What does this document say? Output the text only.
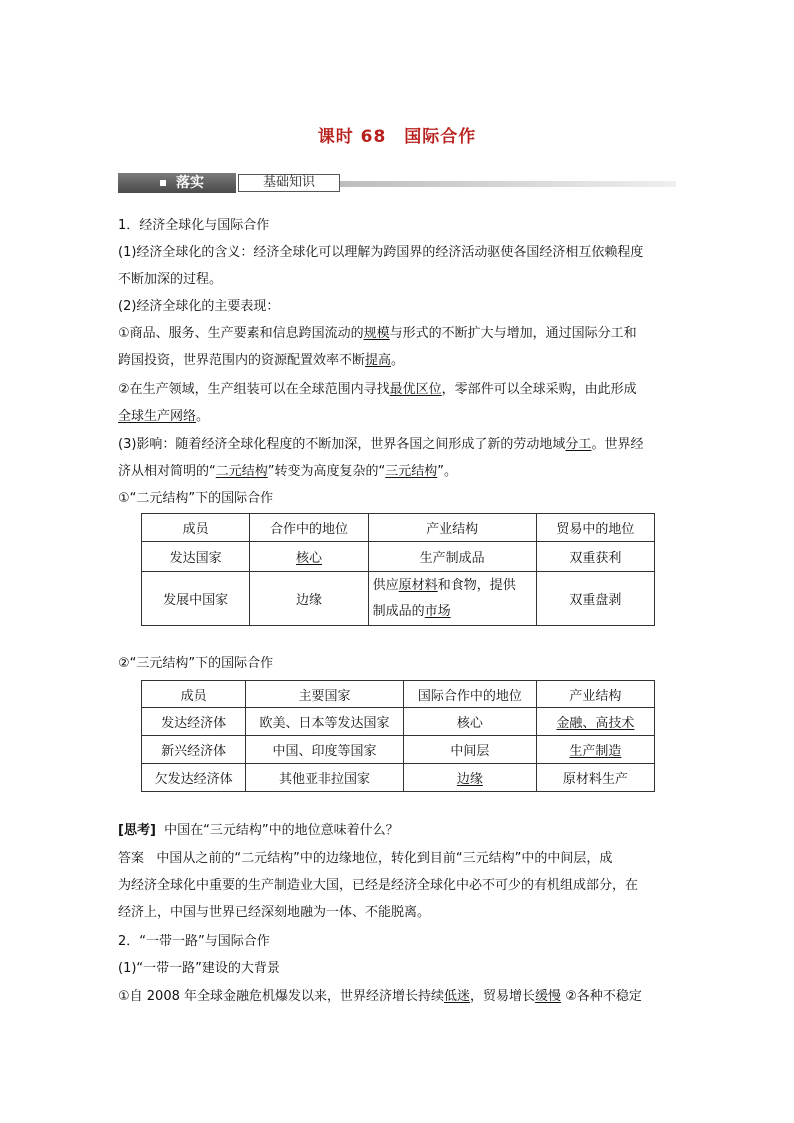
课时 68　国际合作
落实	基础知识
1．经济全球化与国际合作
(1)经济全球化的含义：经济全球化可以理解为跨国界的经济活动驱使各国经济相互依赖程度
不断加深的过程。
(2)经济全球化的主要表现：
①商品、服务、生产要素和信息跨国流动的规模与形式的不断扩大与增加，通过国际分工和
跨国投资，世界范围内的资源配置效率不断提高。
②在生产领域，生产组装可以在全球范围内寻找最优区位，零部件可以全球采购，由此形成
全球生产网络。
(3)影响：随着经济全球化程度的不断加深，世界各国之间形成了新的劳动地域分工。世界经
济从相对简明的“二元结构”转变为高度复杂的“三元结构”。
①“二元结构”下的国际合作
成员	合作中的地位	产业结构	贸易中的地位
发达国家	核心	生产制成品	双重获利
发展中国家	边缘	供应原材料和食物，提供
制成品的市场	双重盘剥
②“三元结构”下的国际合作
成员	主要国家	国际合作中的地位	产业结构
发达经济体	欧美、日本等发达国家	核心	金融、高技术
新兴经济体	中国、印度等国家	中间层	生产制造
欠发达经济体	其他亚非拉国家	边缘	原材料生产
[思考] 中国在“三元结构”中的地位意味着什么？
答案 中国从之前的“二元结构”中的边缘地位，转化到目前“三元结构”中的中间层，成
为经济全球化中重要的生产制造业大国，已经是经济全球化中必不可少的有机组成部分，在
经济上，中国与世界已经深刻地融为一体、不能脱离。
2．“一带一路”与国际合作
(1)“一带一路”建设的大背景
①自 2008 年全球金融危机爆发以来，世界经济增长持续低迷，贸易增长缓慢 ②各种不稳定
